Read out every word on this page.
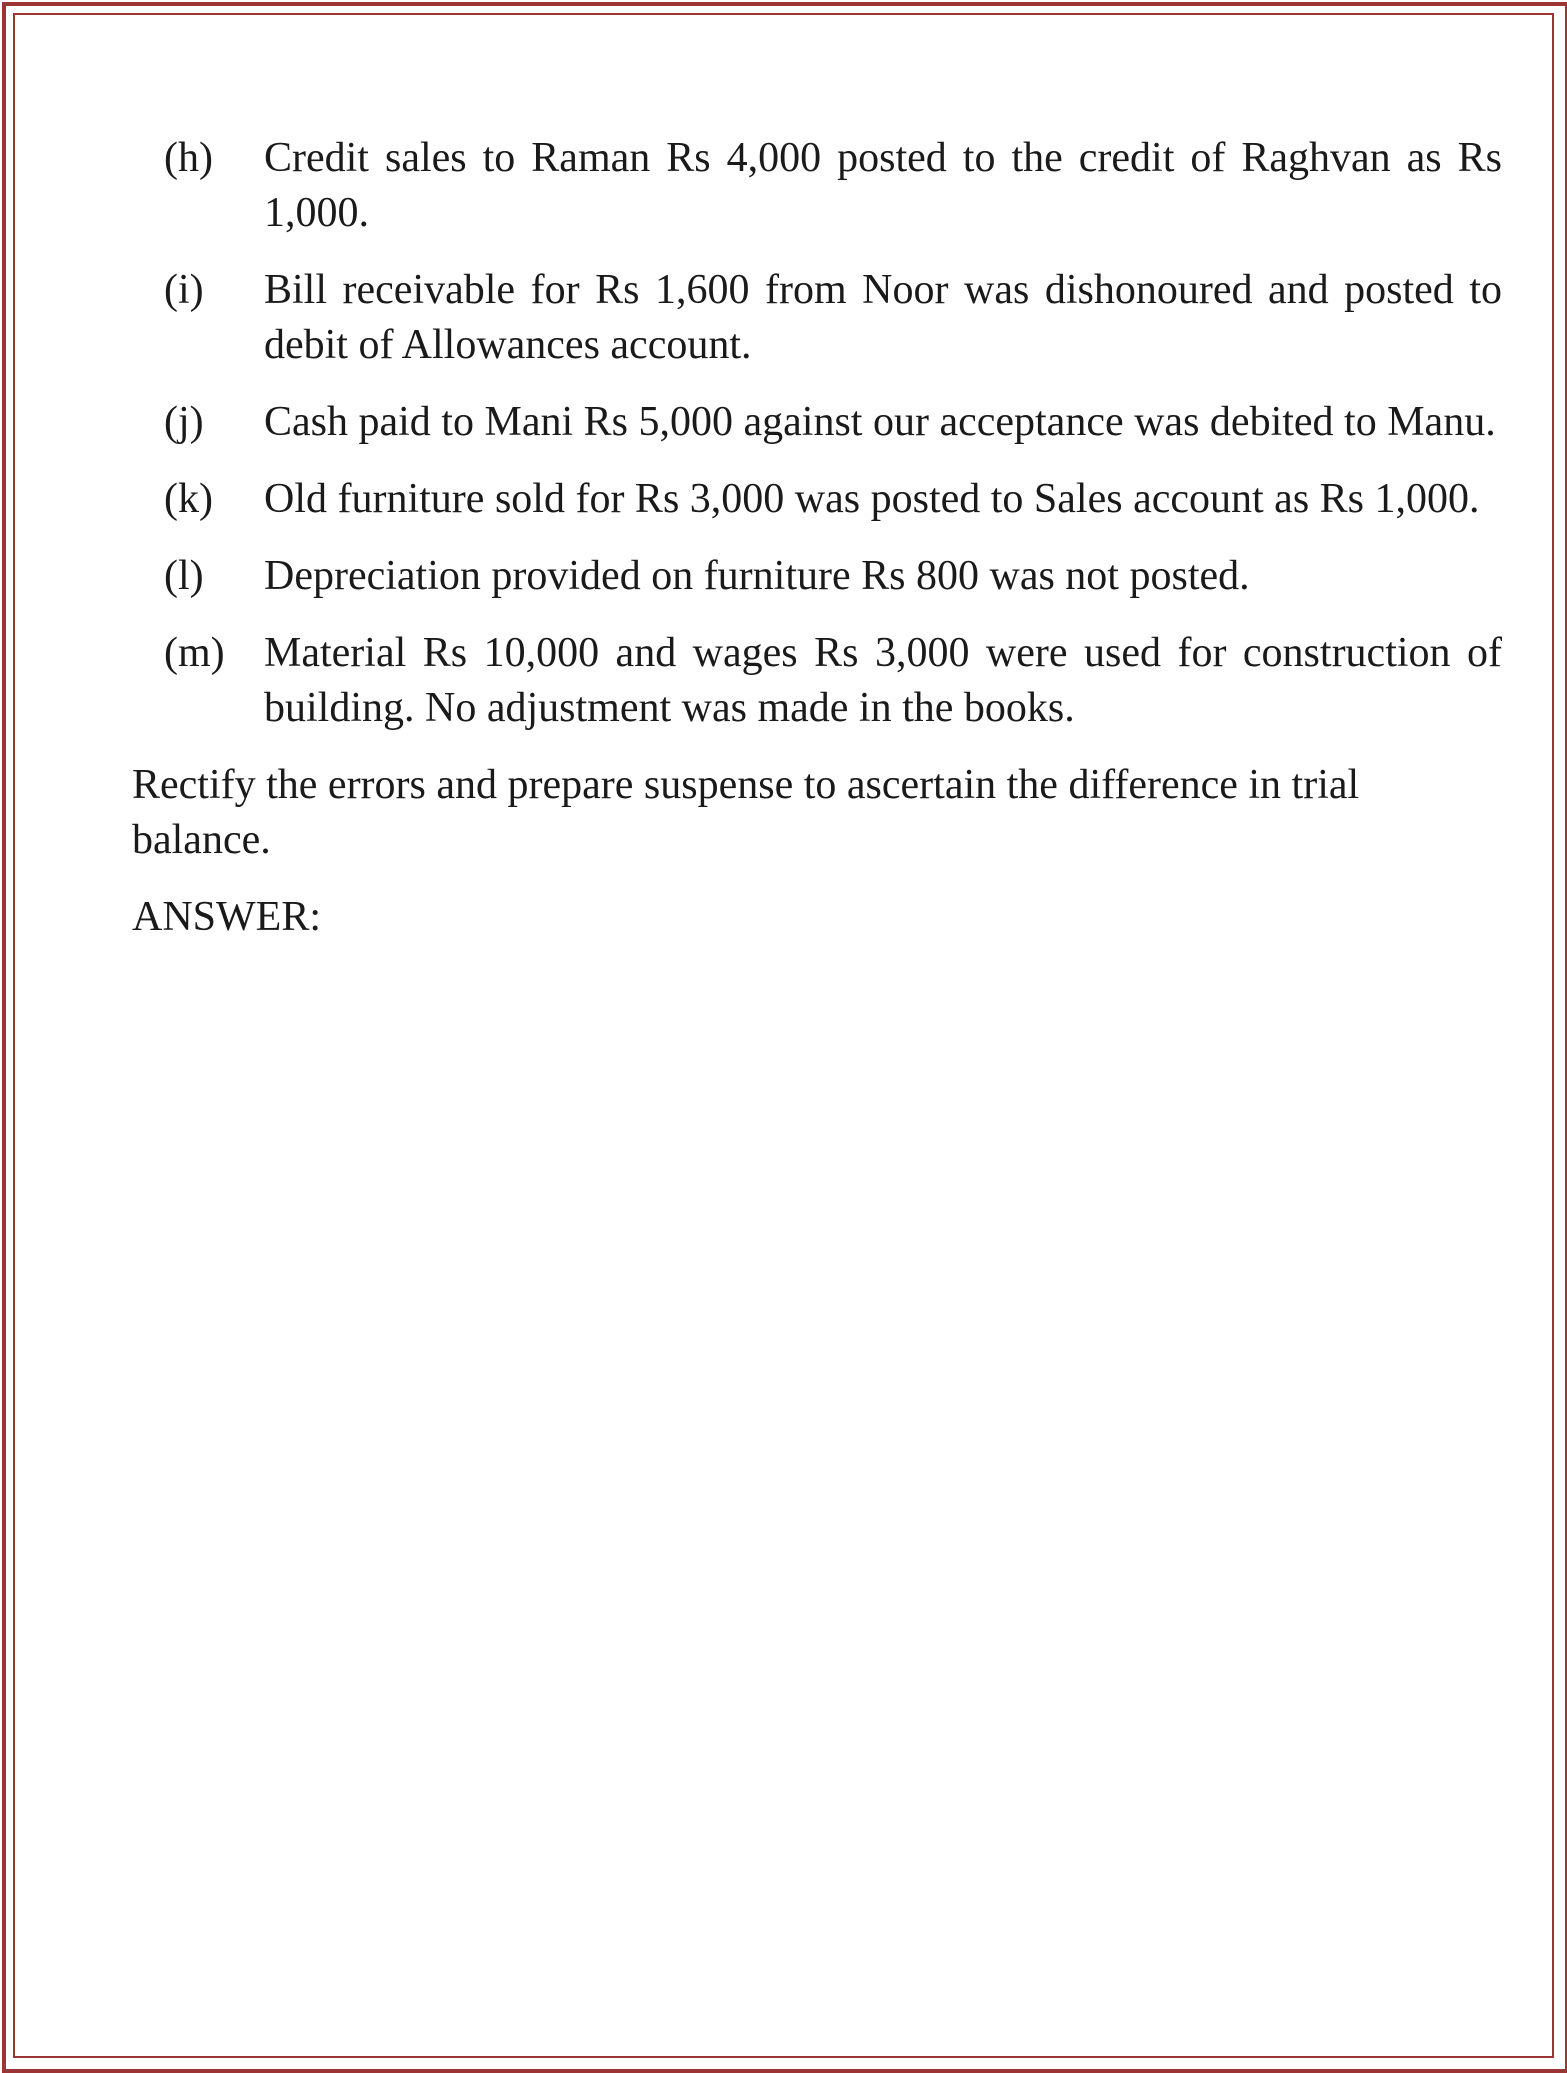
(h)	Credit sales to Raman Rs 4,000 posted to the credit of Raghvan as Rs 1,000.
(i)	Bill receivable for Rs 1,600 from Noor was dishonoured and posted to debit of Allowances account.
(j)	Cash paid to Mani Rs 5,000 against our acceptance was debited to Manu.
(k)	Old furniture sold for Rs 3,000 was posted to Sales account as Rs 1,000.
(l)	Depreciation provided on furniture Rs 800 was not posted.
(m) Material Rs 10,000 and wages Rs 3,000 were used for construction of building. No adjustment was made in the books.
Rectify the errors and prepare suspense to ascertain the difference in trial balance.
ANSWER:
